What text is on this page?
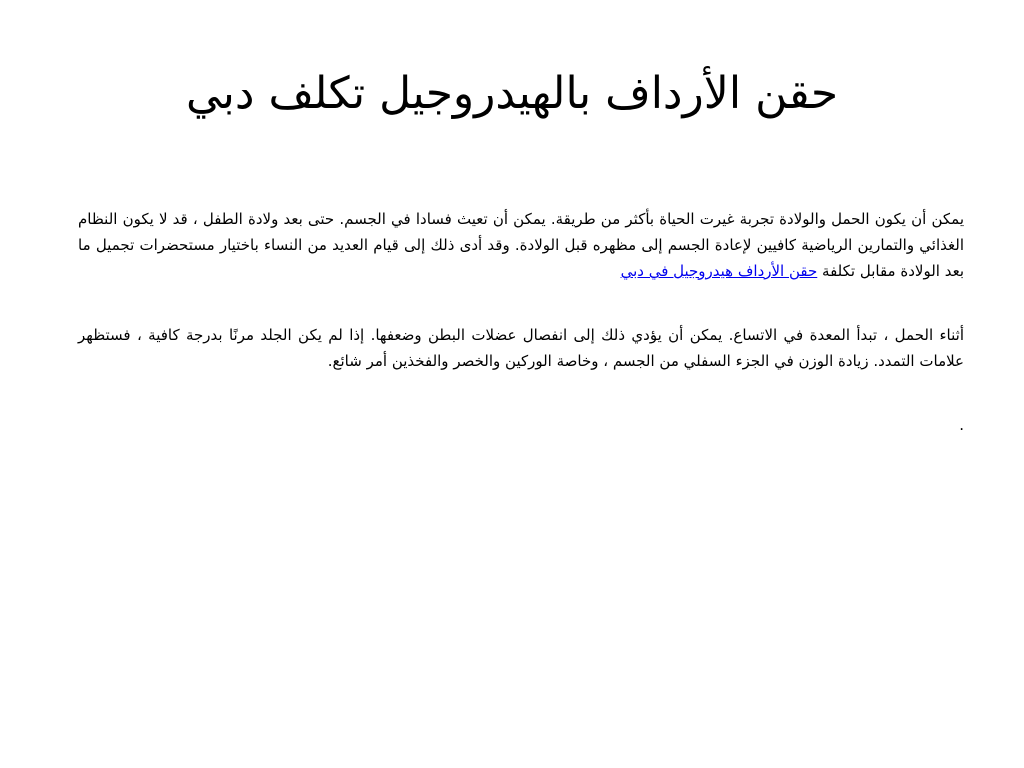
حقن الأرداف بالهيدروجيل تكلف دبي

يمكن أن يكون الحمل والولادة تجربة غيرت الحياة بأكثر من طريقة. يمكن أن تعيث فسادا في الجسم. حتى بعد ولادة الطفل ، قد لا يكون النظام الغذائي والتمارين الرياضية كافيين لإعادة الجسم إلى مظهره قبل الولادة. وقد أدى ذلك إلى قيام العديد من النساء باختيار مستحضرات تجميل ما بعد الولادة مقابل تكلفة حقن الأرداف هيدروجيل في دبي

أثناء الحمل ، تبدأ المعدة في الاتساع. يمكن أن يؤدي ذلك إلى انفصال عضلات البطن وضعفها. إذا لم يكن الجلد مرنًا بدرجة كافية ، فستظهر علامات التمدد. زيادة الوزن في الجزء السفلي من الجسم ، وخاصة الوركين والخصر والفخذين أمر شائع.

.
